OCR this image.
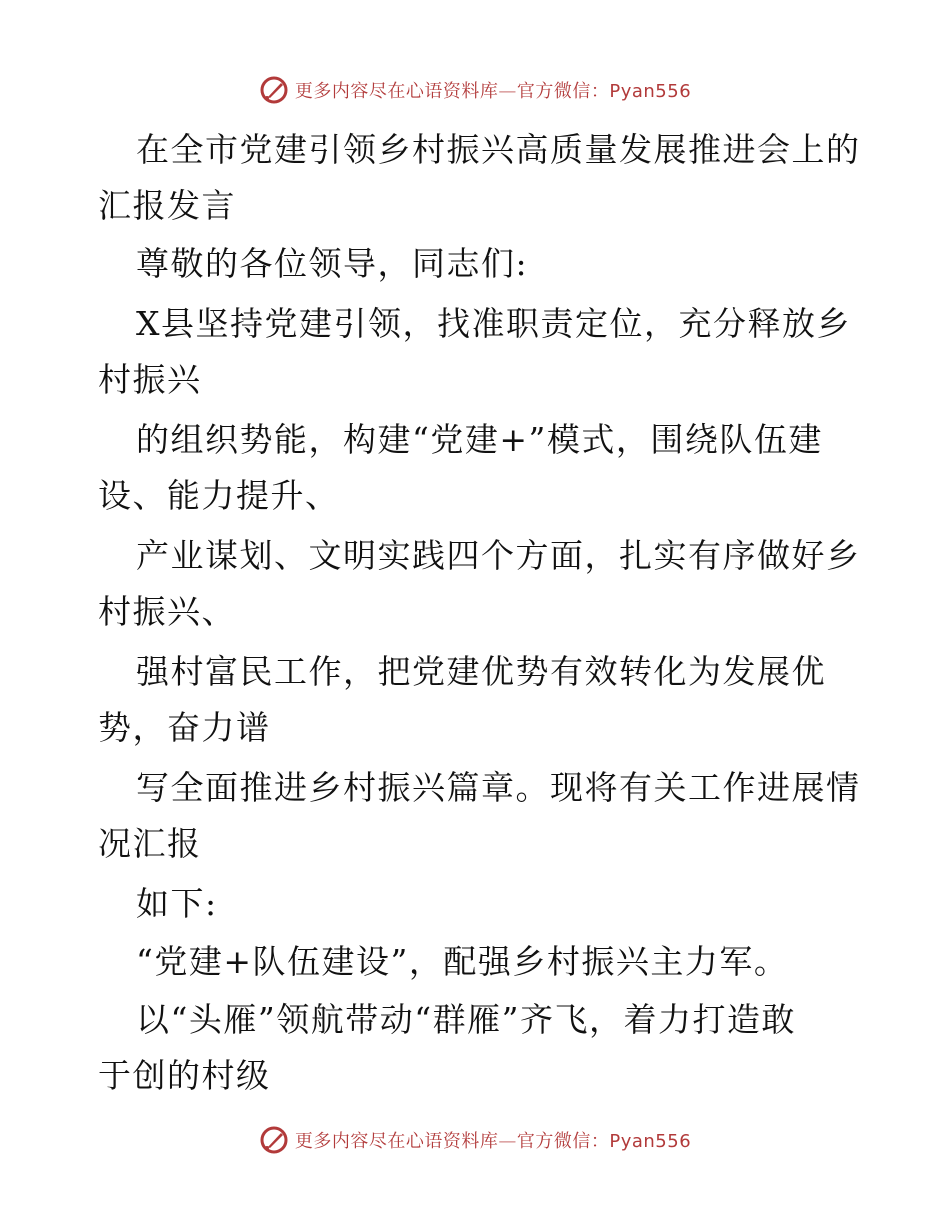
更多内容尽在心语资料库—官方微信：Pyan556
在全市党建引领乡村振兴高质量发展推进会上的
汇报发言
尊敬的各位领导，同志们:
X县坚持党建引领，找准职责定位，充分释放乡
村振兴
的组织势能，构建“党建+”模式，围绕队伍建
设、能力提升、
产业谋划、文明实践四个方面，扎实有序做好乡
村振兴、
强村富民工作，把党建优势有效转化为发展优
势，奋力谱
写全面推进乡村振兴篇章。现将有关工作进展情
况汇报
如下:
“党建+队伍建设”，配强乡村振兴主力军。
以“头雁”领航带动“群雁”齐飞，着力打造敢
于创的村级
更多内容尽在心语资料库—官方微信：Pyan556
